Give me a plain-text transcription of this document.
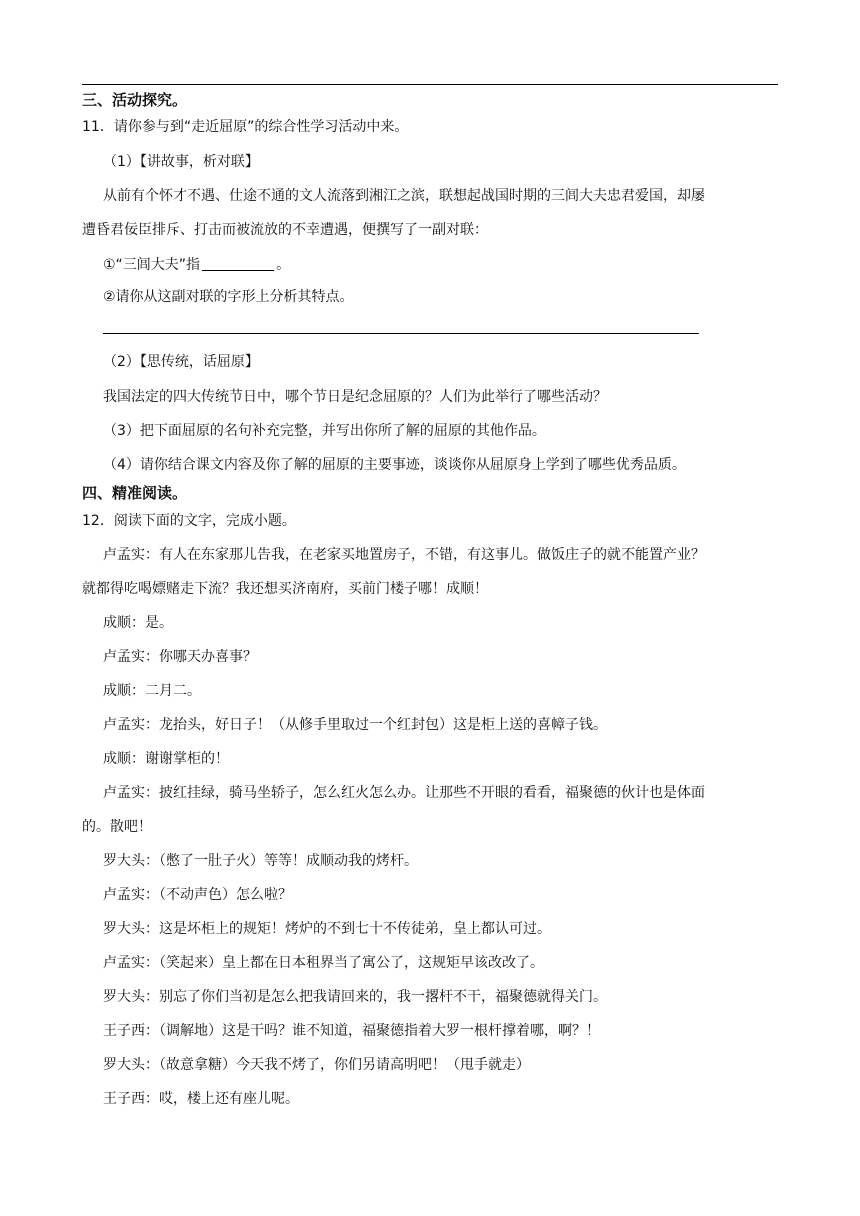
三、活动探究。
11．请你参与到“走近屈原”的综合性学习活动中来。
（1）【讲故事，析对联】
从前有个怀才不遇、仕途不通的文人流落到湘江之滨，联想起战国时期的三闾大夫忠君爱国，却屡
遭昏君佞臣排斥、打击而被流放的不幸遭遇，便撰写了一副对联：
①“三闾大夫”指	。
②请你从这副对联的字形上分析其特点。
（2）【思传统，话屈原】
我国法定的四大传统节日中，哪个节日是纪念屈原的？人们为此举行了哪些活动？
（3）把下面屈原的名句补充完整，并写出你所了解的屈原的其他作品。
（4）请你结合课文内容及你了解的屈原的主要事迹，谈谈你从屈原身上学到了哪些优秀品质。
四、精准阅读。
12．阅读下面的文字，完成小题。
卢孟实：有人在东家那儿告我，在老家买地置房子，不错，有这事儿。做饭庄子的就不能置产业？
就都得吃喝嫖赌走下流？我还想买济南府，买前门楼子哪！成顺！
成顺：是。
卢孟实：你哪天办喜事？
成顺：二月二。
卢孟实：龙抬头，好日子！（从修手里取过一个红封包）这是柜上送的喜幛子钱。
成顺：谢谢掌柜的！
卢孟实：披红挂绿，骑马坐轿子，怎么红火怎么办。让那些不开眼的看看，福聚德的伙计也是体面
的。散吧！
罗大头：（憋了一肚子火）等等！成顺动我的烤杆。
卢孟实：（不动声色）怎么啦？
罗大头：这是坏柜上的规矩！烤炉的不到七十不传徒弟，皇上都认可过。
卢孟实：（笑起来）皇上都在日本租界当了寓公了，这规矩早该改改了。
罗大头：别忘了你们当初是怎么把我请回来的，我一撂杆不干，福聚德就得关门。
王子西：（调解地）这是干吗？谁不知道，福聚德指着大罗一根杆撑着哪，啊？！
罗大头：（故意拿糖）今天我不烤了，你们另请高明吧！（甩手就走）
王子西：哎，楼上还有座儿呢。
